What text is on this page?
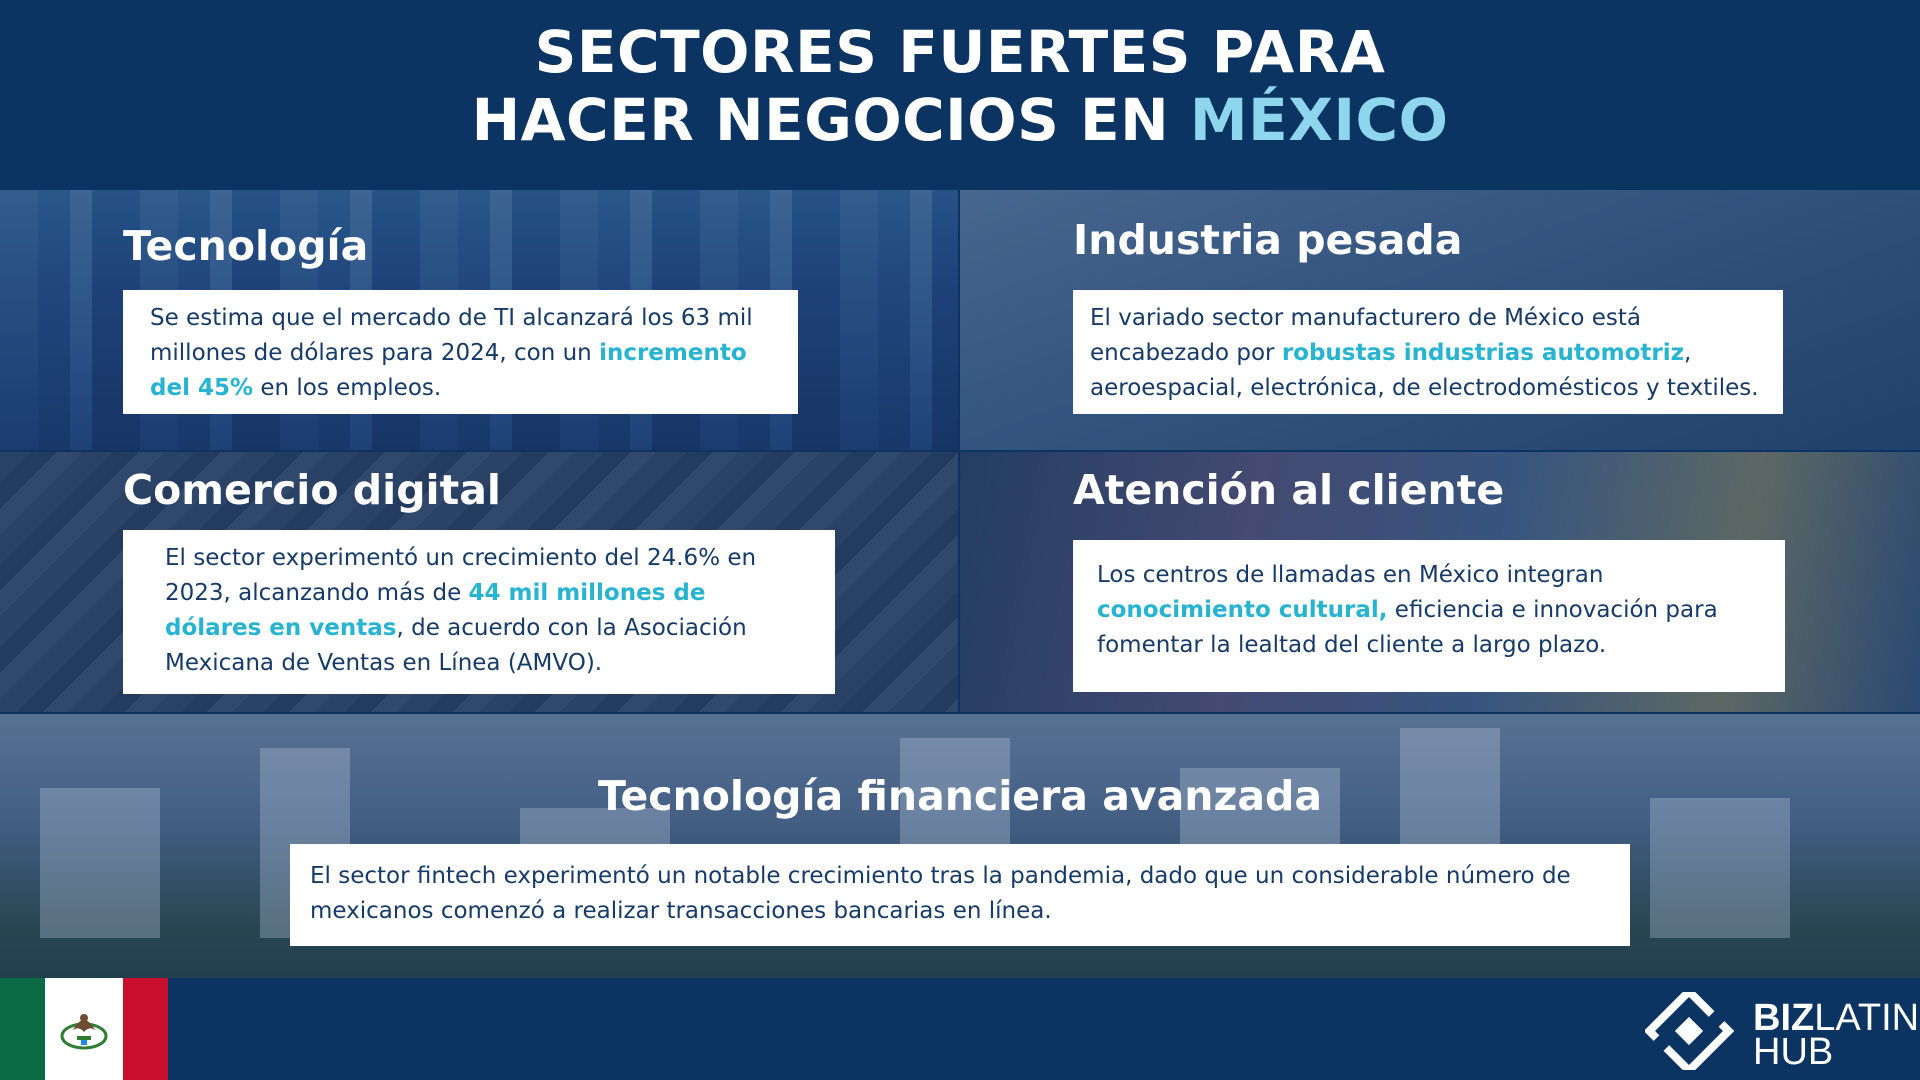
SECTORES FUERTES PARA
HACER NEGOCIOS EN MÉXICO
Tecnología
Se estima que el mercado de TI alcanzará los 63 mil millones de dólares para 2024, con un incremento del 45% en los empleos.
Industria pesada
El variado sector manufacturero de México está encabezado por robustas industrias automotriz, aeroespacial, electrónica, de electrodomésticos y textiles.
Comercio digital
El sector experimentó un crecimiento del 24.6% en 2023, alcanzando más de 44 mil millones de dólares en ventas, de acuerdo con la Asociación Mexicana de Ventas en Línea (AMVO).
Atención al cliente
Los centros de llamadas en México integran conocimiento cultural, eficiencia e innovación para fomentar la lealtad del cliente a largo plazo.
Tecnología financiera avanzada
El sector fintech experimentó un notable crecimiento tras la pandemia, dado que un considerable número de mexicanos comenzó a realizar transacciones bancarias en línea.
BIZLATIN
HUB
